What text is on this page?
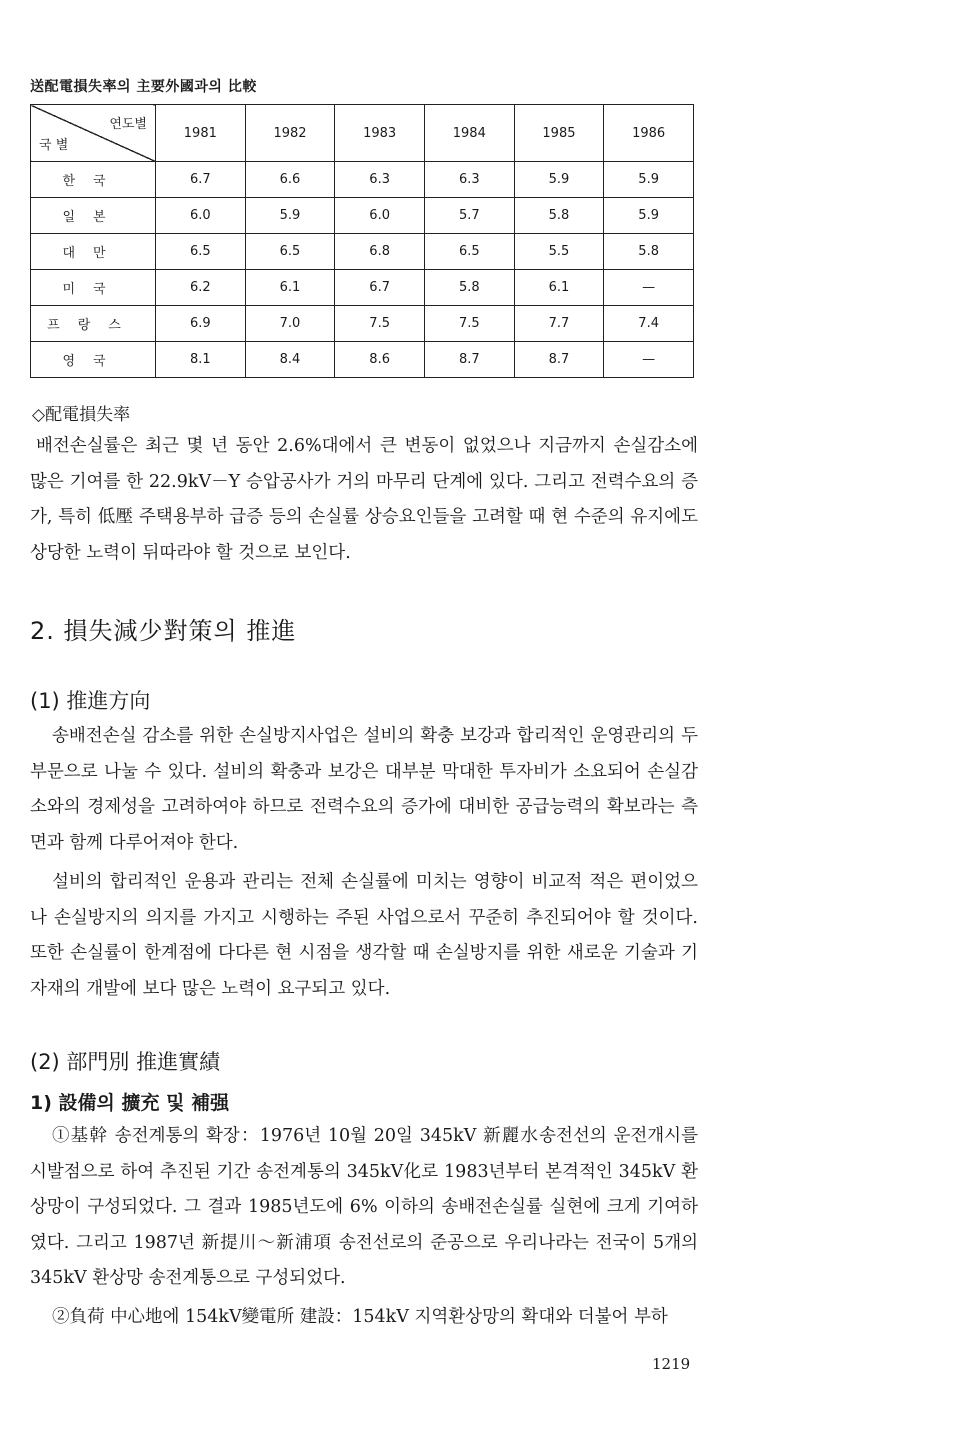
送配電損失率의 主要外國과의 比較
연도별
국 별	1981	1982	1983	1984	1985	1986
한국	6.7	6.6	6.3	6.3	5.9	5.9
일본	6.0	5.9	6.0	5.7	5.8	5.9
대만	6.5	6.5	6.8	6.5	5.5	5.8
미국	6.2	6.1	6.7	5.8	6.1	—
프랑스	6.9	7.0	7.5	7.5	7.7	7.4
영국	8.1	8.4	8.6	8.7	8.7	—
◇配電損失率

배전손실률은 최근 몇 년 동안 2.6%대에서 큰 변동이 없었으나 지금까지 손실감소에 많은 기여를 한 22.9kV－Y 승압공사가 거의 마무리 단계에 있다. 그리고 전력수요의 증가, 특히 低壓 주택용부하 급증 등의 손실률 상승요인들을 고려할 때 현 수준의 유지에도 상당한 노력이 뒤따라야 할 것으로 보인다.

2. 損失減少對策의 推進
(1) 推進方向

송배전손실 감소를 위한 손실방지사업은 설비의 확충 보강과 합리적인 운영관리의 두 부문으로 나눌 수 있다. 설비의 확충과 보강은 대부분 막대한 투자비가 소요되어 손실감소와의 경제성을 고려하여야 하므로 전력수요의 증가에 대비한 공급능력의 확보라는 측면과 함께 다루어져야 한다.

설비의 합리적인 운용과 관리는 전체 손실률에 미치는 영향이 비교적 적은 편이었으나 손실방지의 의지를 가지고 시행하는 주된 사업으로서 꾸준히 추진되어야 할 것이다. 또한 손실률이 한계점에 다다른 현 시점을 생각할 때 손실방지를 위한 새로운 기술과 기자재의 개발에 보다 많은 노력이 요구되고 있다.

(2) 部門別 推進實績
1) 設備의 擴充 및 補强

①基幹 송전계통의 확장：1976년 10월 20일 345kV 新麗水송전선의 운전개시를 시발점으로 하여 추진된 기간 송전계통의 345kV化로 1983년부터 본격적인 345kV 환상망이 구성되었다. 그 결과 1985년도에 6% 이하의 송배전손실률 실현에 크게 기여하였다. 그리고 1987년 新提川～新浦項 송전선로의 준공으로 우리나라는 전국이 5개의 345kV 환상망 송전계통으로 구성되었다.

②負荷 中心地에 154kV變電所 建設：154kV 지역환상망의 확대와 더불어 부하

1219
